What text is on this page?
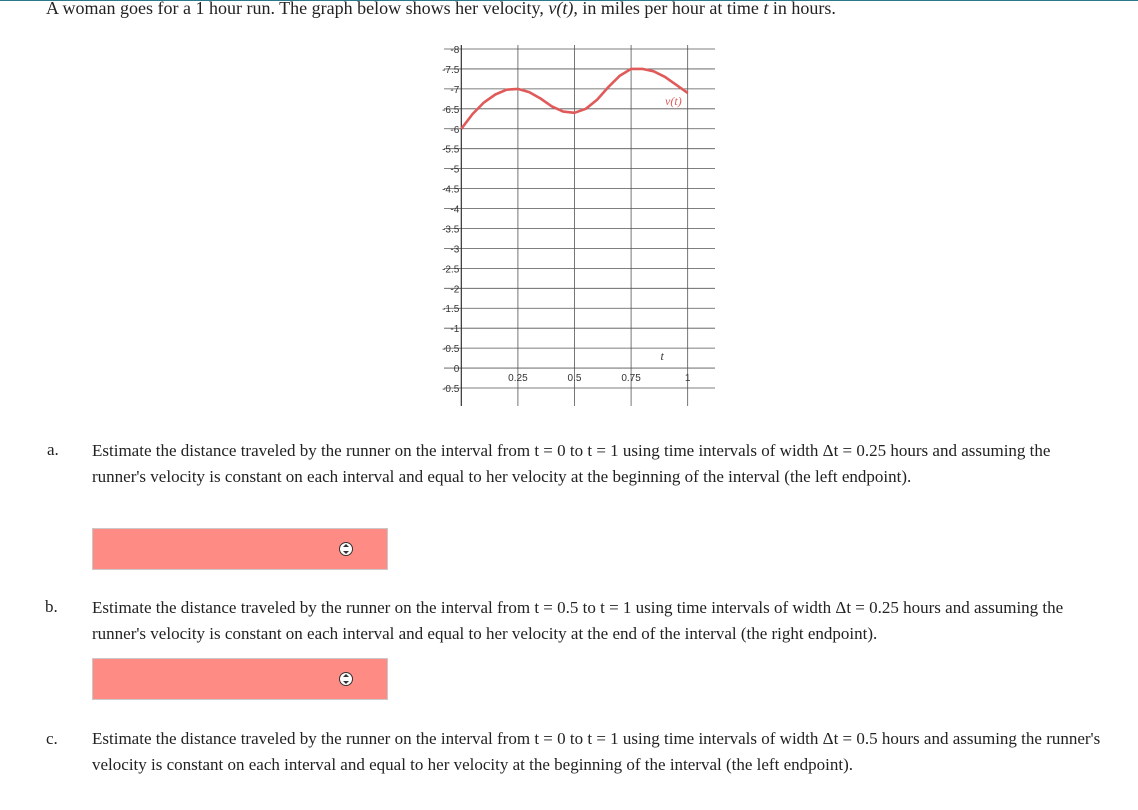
A woman goes for a 1 hour run. The graph below shows her velocity, v(t), in miles per hour at time t in hours.
-8
-7.5
-7
-6.5
-6
-5.5
-5
-4.5
-4
-3.5
-3
-2.5
-2
-1.5
-1
-0.5
0
-0.5
0.25	0.5	0.75	1
t
v(t)
a. Estimate the distance traveled by the runner on the interval from t = 0 to t = 1 using time intervals of width Δt = 0.25 hours and assuming the runner's velocity is constant on each interval and equal to her velocity at the beginning of the interval (the left endpoint).
b. Estimate the distance traveled by the runner on the interval from t = 0.5 to t = 1 using time intervals of width Δt = 0.25 hours and assuming the runner's velocity is constant on each interval and equal to her velocity at the end of the interval (the right endpoint).
c. Estimate the distance traveled by the runner on the interval from t = 0 to t = 1 using time intervals of width Δt = 0.5 hours and assuming the runner's velocity is constant on each interval and equal to her velocity at the beginning of the interval (the left endpoint).
